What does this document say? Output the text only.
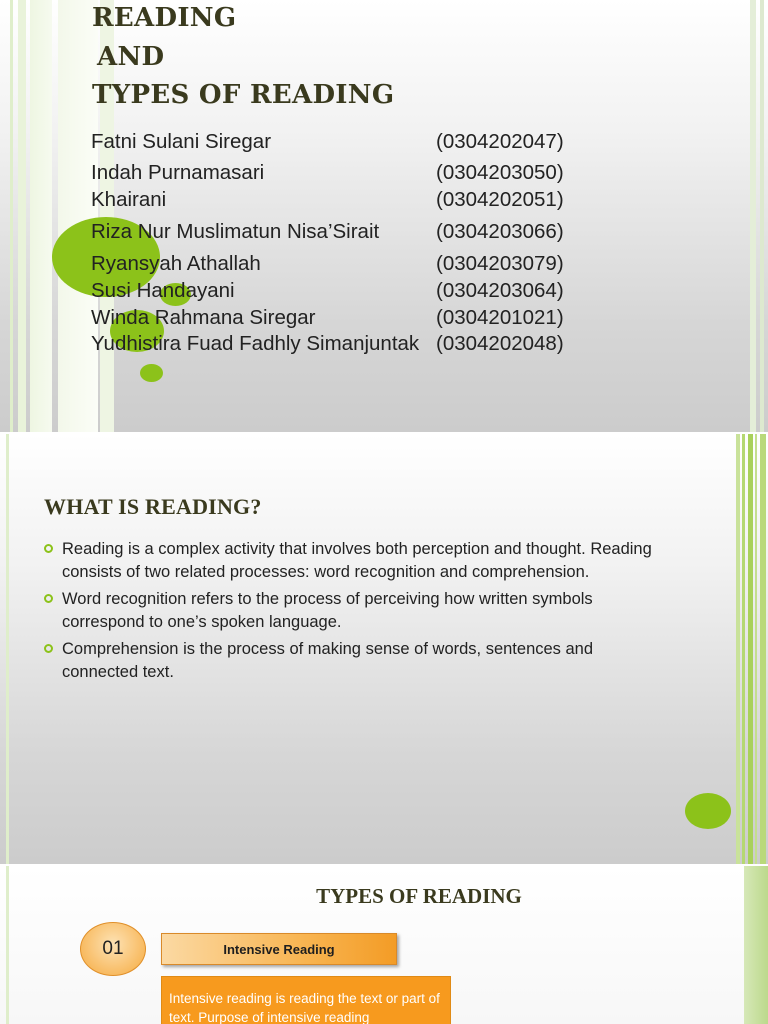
READING
AND
TYPES OF READING
Fatni Sulani Siregar	(0304202047)
Indah Purnamasari	(0304203050)
Khairani	(0304202051)
Riza Nur Muslimatun Nisa’Sirait	(0304203066)
Ryansyah Athallah	(0304203079)
Susi Handayani	(0304203064)
Winda Rahmana Siregar	(0304201021)
Yudhistira Fuad Fadhly Simanjuntak (0304202048)
WHAT IS READING?
Reading is a complex activity that involves both perception and thought. Reading consists of two related processes: word recognition and comprehension.
Word recognition refers to the process of perceiving how written symbols correspond to one’s spoken language.
Comprehension is the process of making sense of words, sentences and connected text.
TYPES OF READING
01	Intensive Reading
Intensive reading is reading the text or part of text. Purpose of intensive reading
